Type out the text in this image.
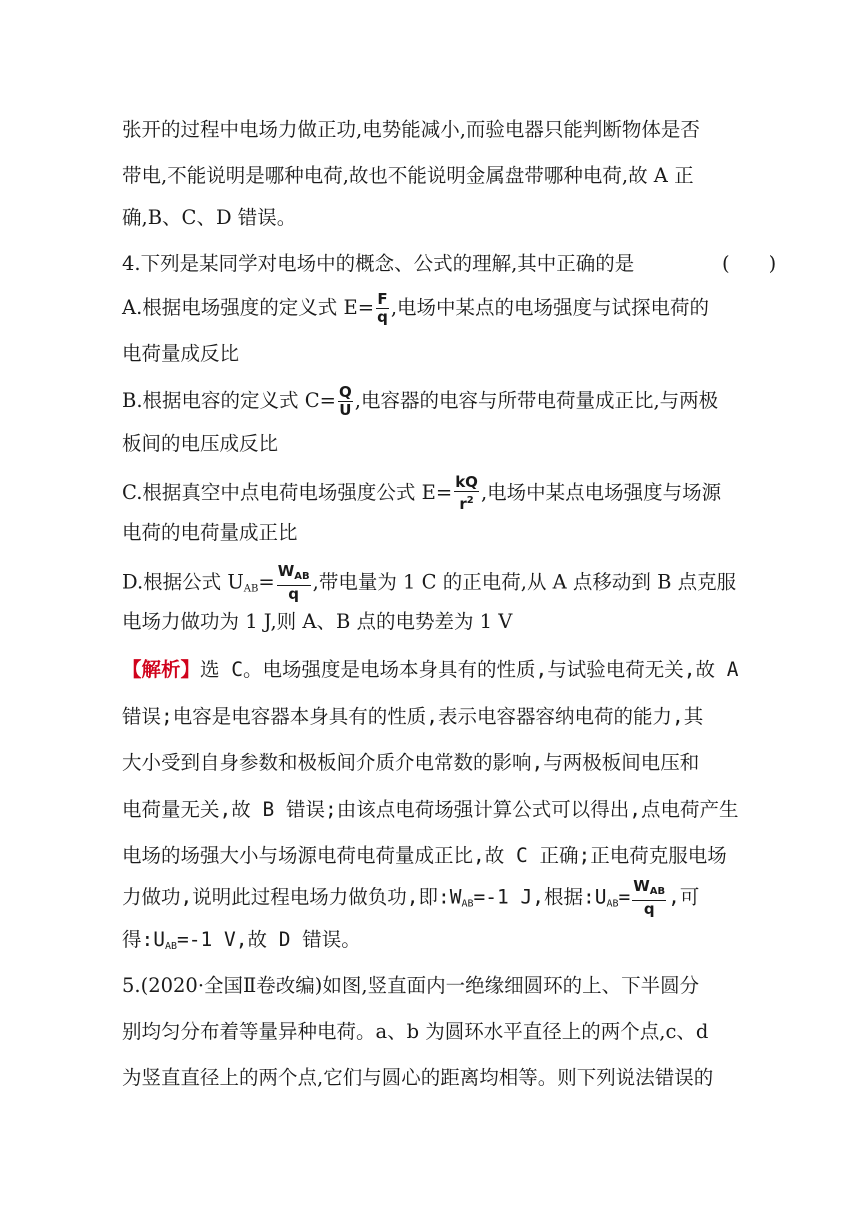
张开的过程中电场力做正功,电势能减小,而验电器只能判断物体是否
带电,不能说明是哪种电荷,故也不能说明金属盘带哪种电荷,故 A 正
确,B、C、D 错误。
4.下列是某同学对电场中的概念、公式的理解,其中正确的是	(　　)
A.根据电场强度的定义式 $E= \frac{F}{q}$ ,电场中某点的电场强度与试探电荷的
电荷量成反比
B.根据电容的定义式 $C= \frac{Q}{U}$ ,电容器的电容与所带电荷量成正比,与两极
板间的电压成反比
C.根据真空中点电荷电场强度公式 $E= \frac{kQ}{r^2}$ ,电场中某点电场强度与场源
电荷的电荷量成正比
D.根据公式 $U_{AB}= \frac{W_{AB}}{q}$ ,带电量为 1 C 的正电荷,从 A 点移动到 B 点克服
电场力做功为 1 J,则 A、B 点的电势差为 1 V
【解析】选 C。电场强度是电场本身具有的性质,与试验电荷无关,故 A
错误;电容是电容器本身具有的性质,表示电容器容纳电荷的能力,其
大小受到自身参数和极板间介质介电常数的影响,与两极板间电压和
电荷量无关,故 B 错误;由该点电荷场强计算公式可以得出,点电荷产生
电场的场强大小与场源电荷电荷量成正比,故 C 正确;正电荷克服电场
力做功,说明此过程电场力做负功,即$:W_{AB}=-1$ J,根据$:U_{AB}= \frac{W_{AB}}{q}$ ,可
得$:U_{AB}=-1$ V,故 D 错误。
5.(2020·全国Ⅱ卷改编)如图,竖直面内一绝缘细圆环的上、下半圆分
别均匀分布着等量异种电荷。a、b 为圆环水平直径上的两个点,c、d
为竖直直径上的两个点,它们与圆心的距离均相等。则下列说法错误的
